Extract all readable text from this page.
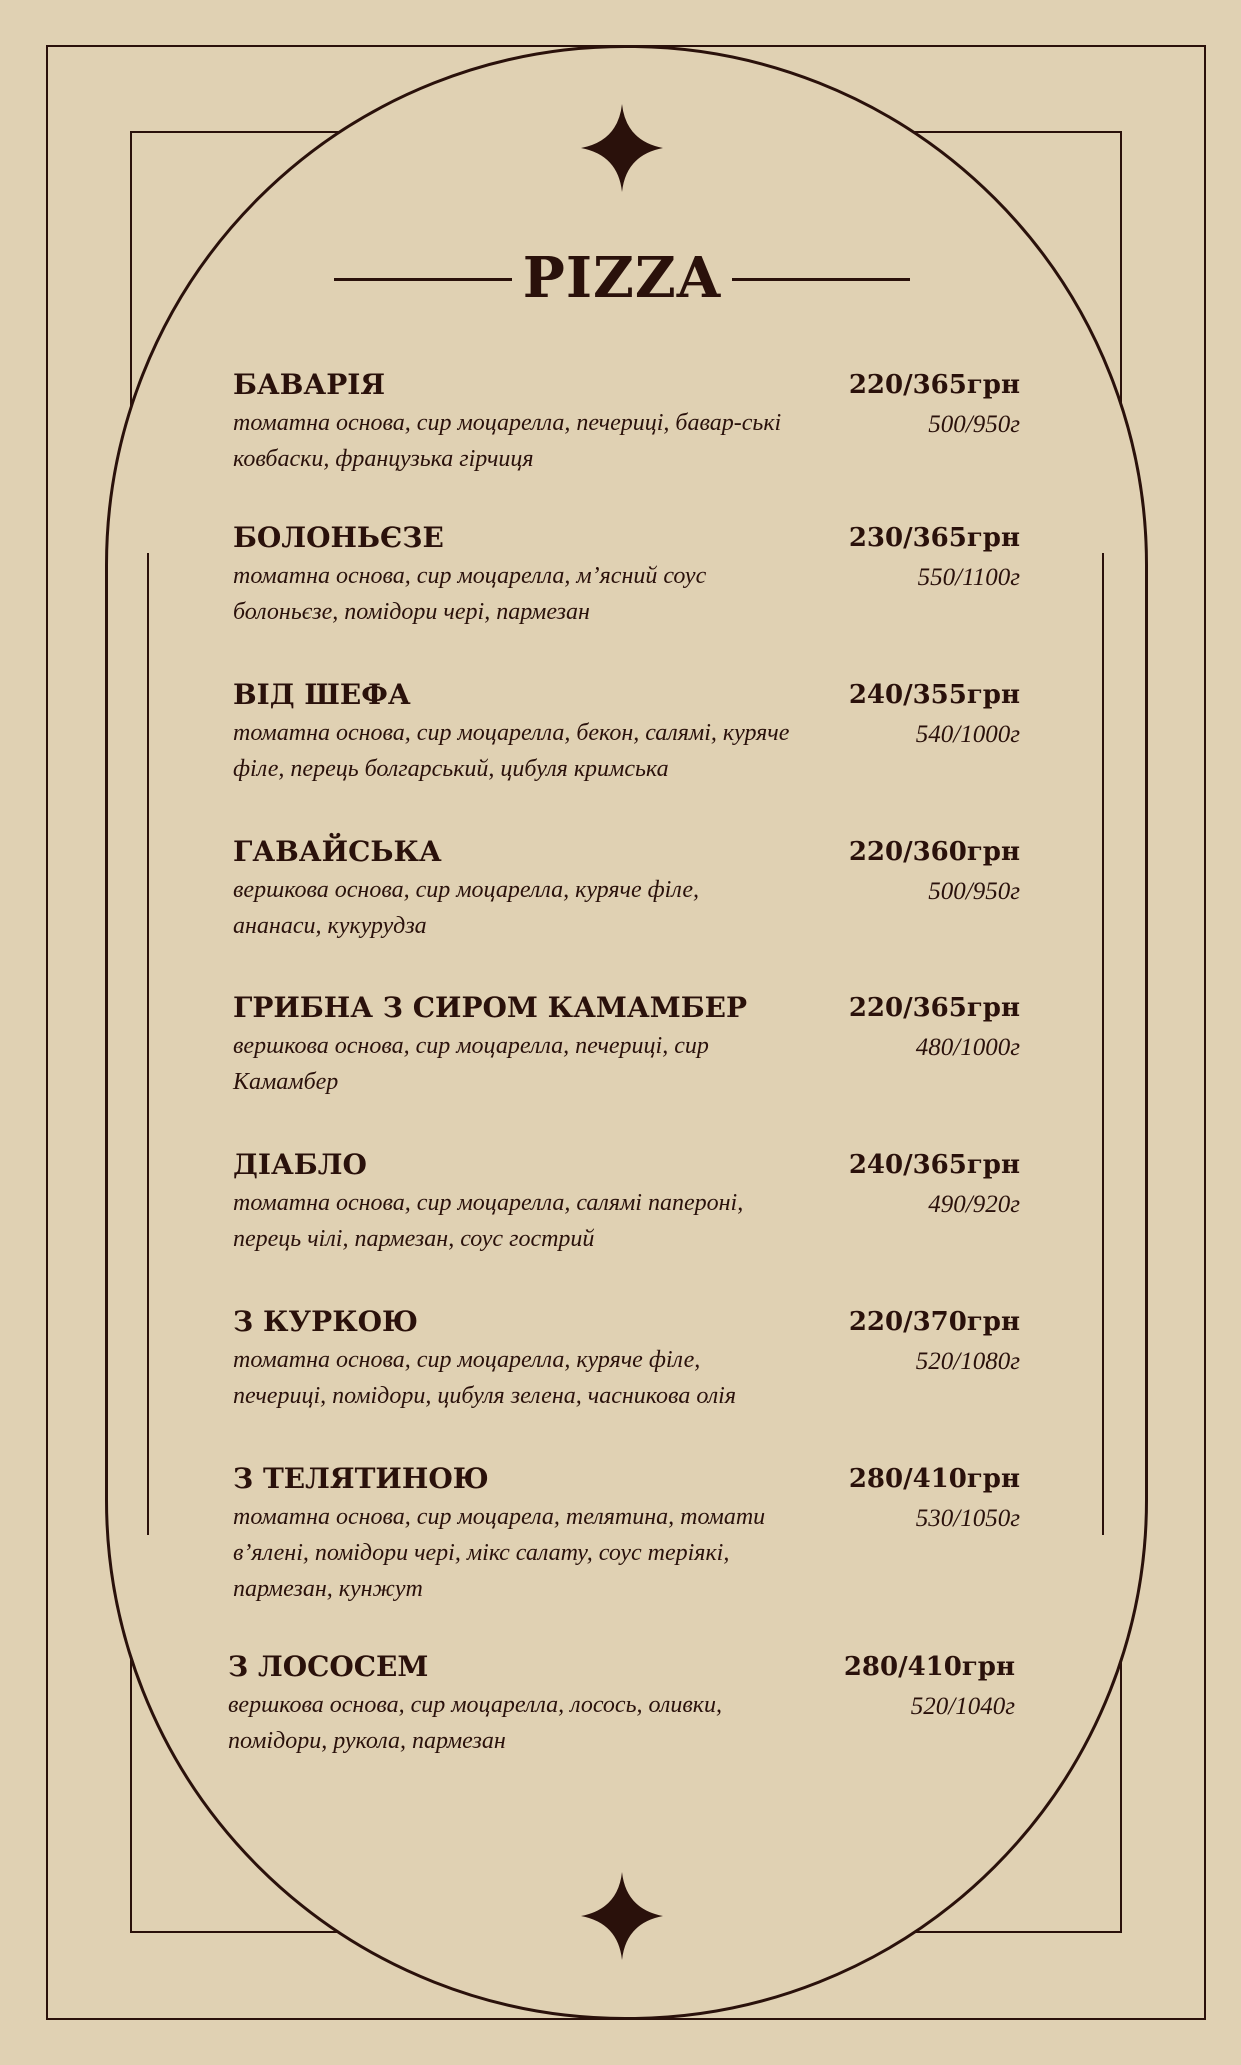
PIZZA
БАВАРІЯ	220/365грн
томатна основа, сир моцарелла, печериці, бавар-ські ковбаски, французька гірчиця
500/950г
БОЛОНЬЄЗЕ	230/365грн
томатна основа, сир моцарелла, м’ясний соус болоньєзе, помідори чері, пармезан
550/1100г
ВІД ШЕФА	240/355грн
томатна основа, сир моцарелла, бекон, салямі, куряче філе, перець болгарський, цибуля кримська
540/1000г
ГАВАЙСЬКА	220/360грн
вершкова основа, сир моцарелла, куряче філе, ананаси, кукурудза
500/950г
ГРИБНА З СИРОМ КАМАМБЕР	220/365грн
вершкова основа, сир моцарелла, печериці, сир Камамбер
480/1000г
ДІАБЛО	240/365грн
томатна основа, сир моцарелла, салямі папероні, перець чілі, пармезан, соус гострий
490/920г
З КУРКОЮ	220/370грн
томатна основа, сир моцарелла, куряче філе, печериці, помідори, цибуля зелена, часникова олія
520/1080г
З ТЕЛЯТИНОЮ	280/410грн
томатна основа, сир моцарела, телятина, томати в’ялені, помідори чері, мікс салату, соус теріякі, пармезан, кунжут
530/1050г
З ЛОСОСЕМ	280/410грн
вершкова основа, сир моцарелла, лосось, оливки, помідори, рукола, пармезан
520/1040г
